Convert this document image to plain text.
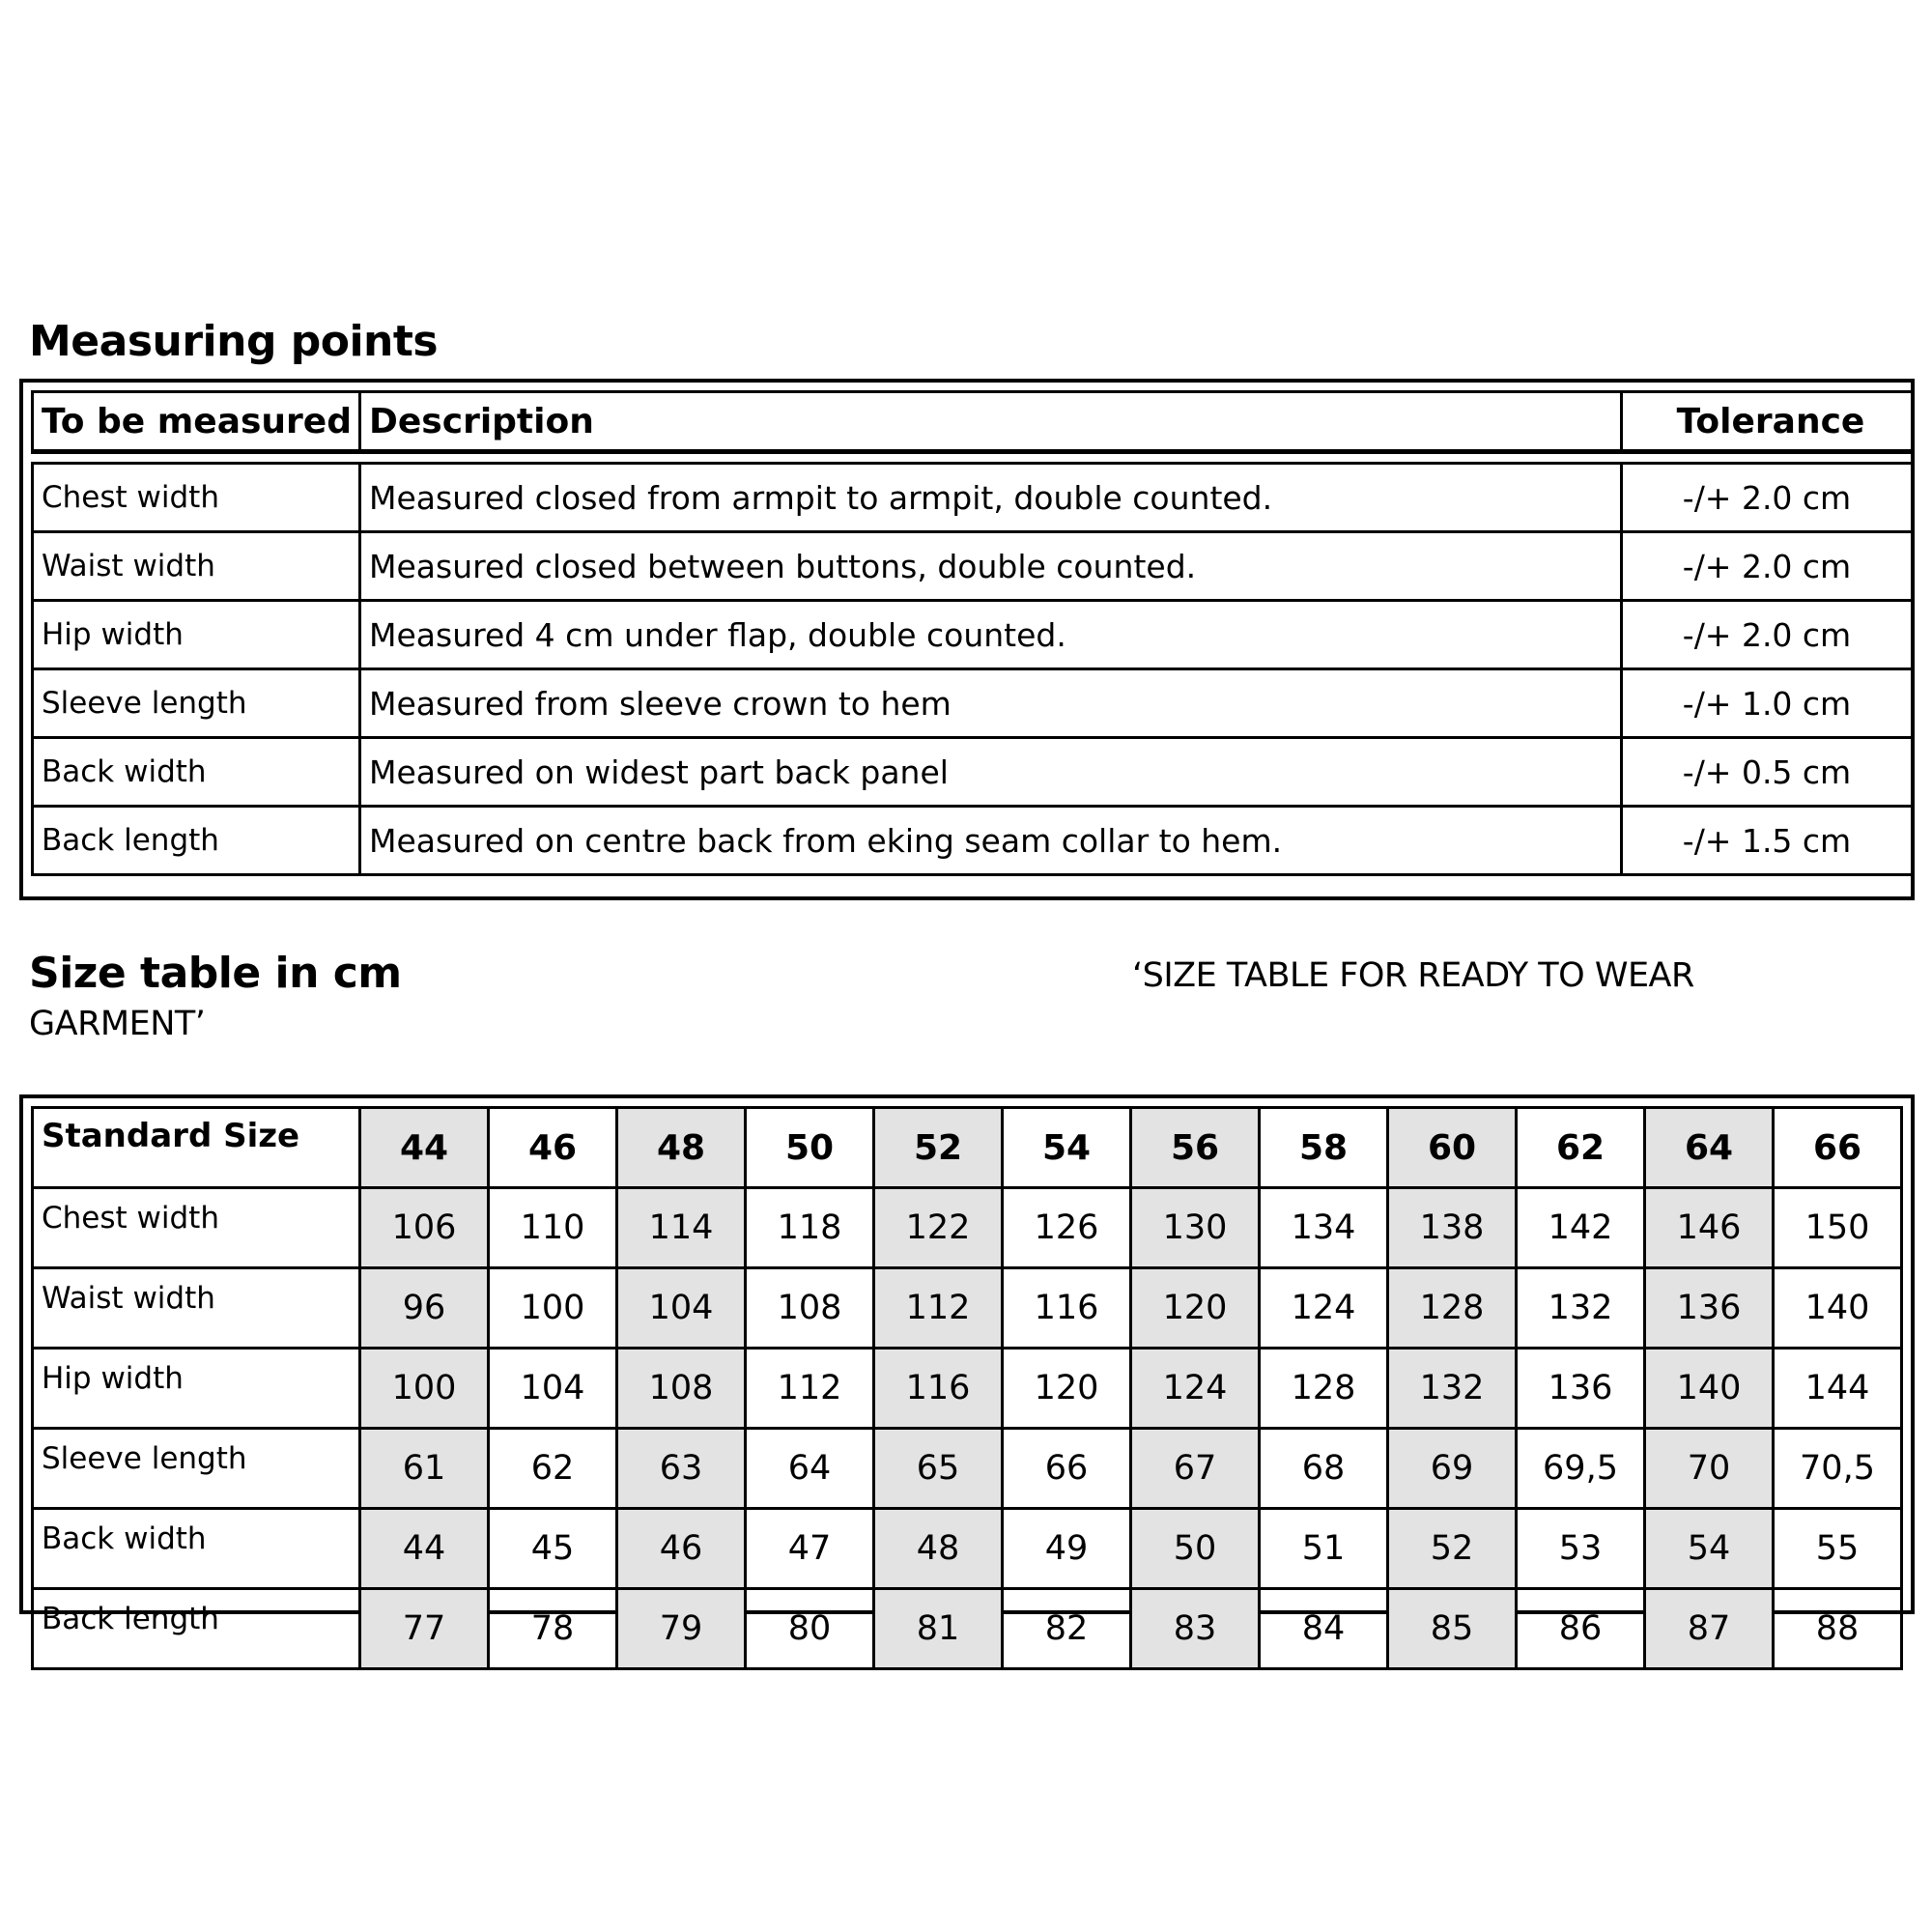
Measuring points
To be measured	Description	Tolerance

Chest width	Measured closed from armpit to armpit, double counted.	-/+ 2.0 cm
Waist width	Measured closed between buttons, double counted.	-/+ 2.0 cm
Hip width	Measured 4 cm under flap, double counted.	-/+ 2.0 cm
Sleeve length	Measured from sleeve crown to hem	-/+ 1.0 cm
Back width	Measured on widest part back panel	-/+ 0.5 cm
Back length	Measured on centre back from eking seam collar to hem.	-/+ 1.5 cm
Size table in cm	‘SIZE TABLE FOR READY TO WEAR
GARMENT’
Standard Size	44	46	48	50	52	54	56	58	60	62	64	66
Chest width	106	110	114	118	122	126	130	134	138	142	146	150
Waist width	96	100	104	108	112	116	120	124	128	132	136	140
Hip width	100	104	108	112	116	120	124	128	132	136	140	144
Sleeve length	61	62	63	64	65	66	67	68	69	69,5	70	70,5
Back width	44	45	46	47	48	49	50	51	52	53	54	55
Back length	77	78	79	80	81	82	83	84	85	86	87	88
